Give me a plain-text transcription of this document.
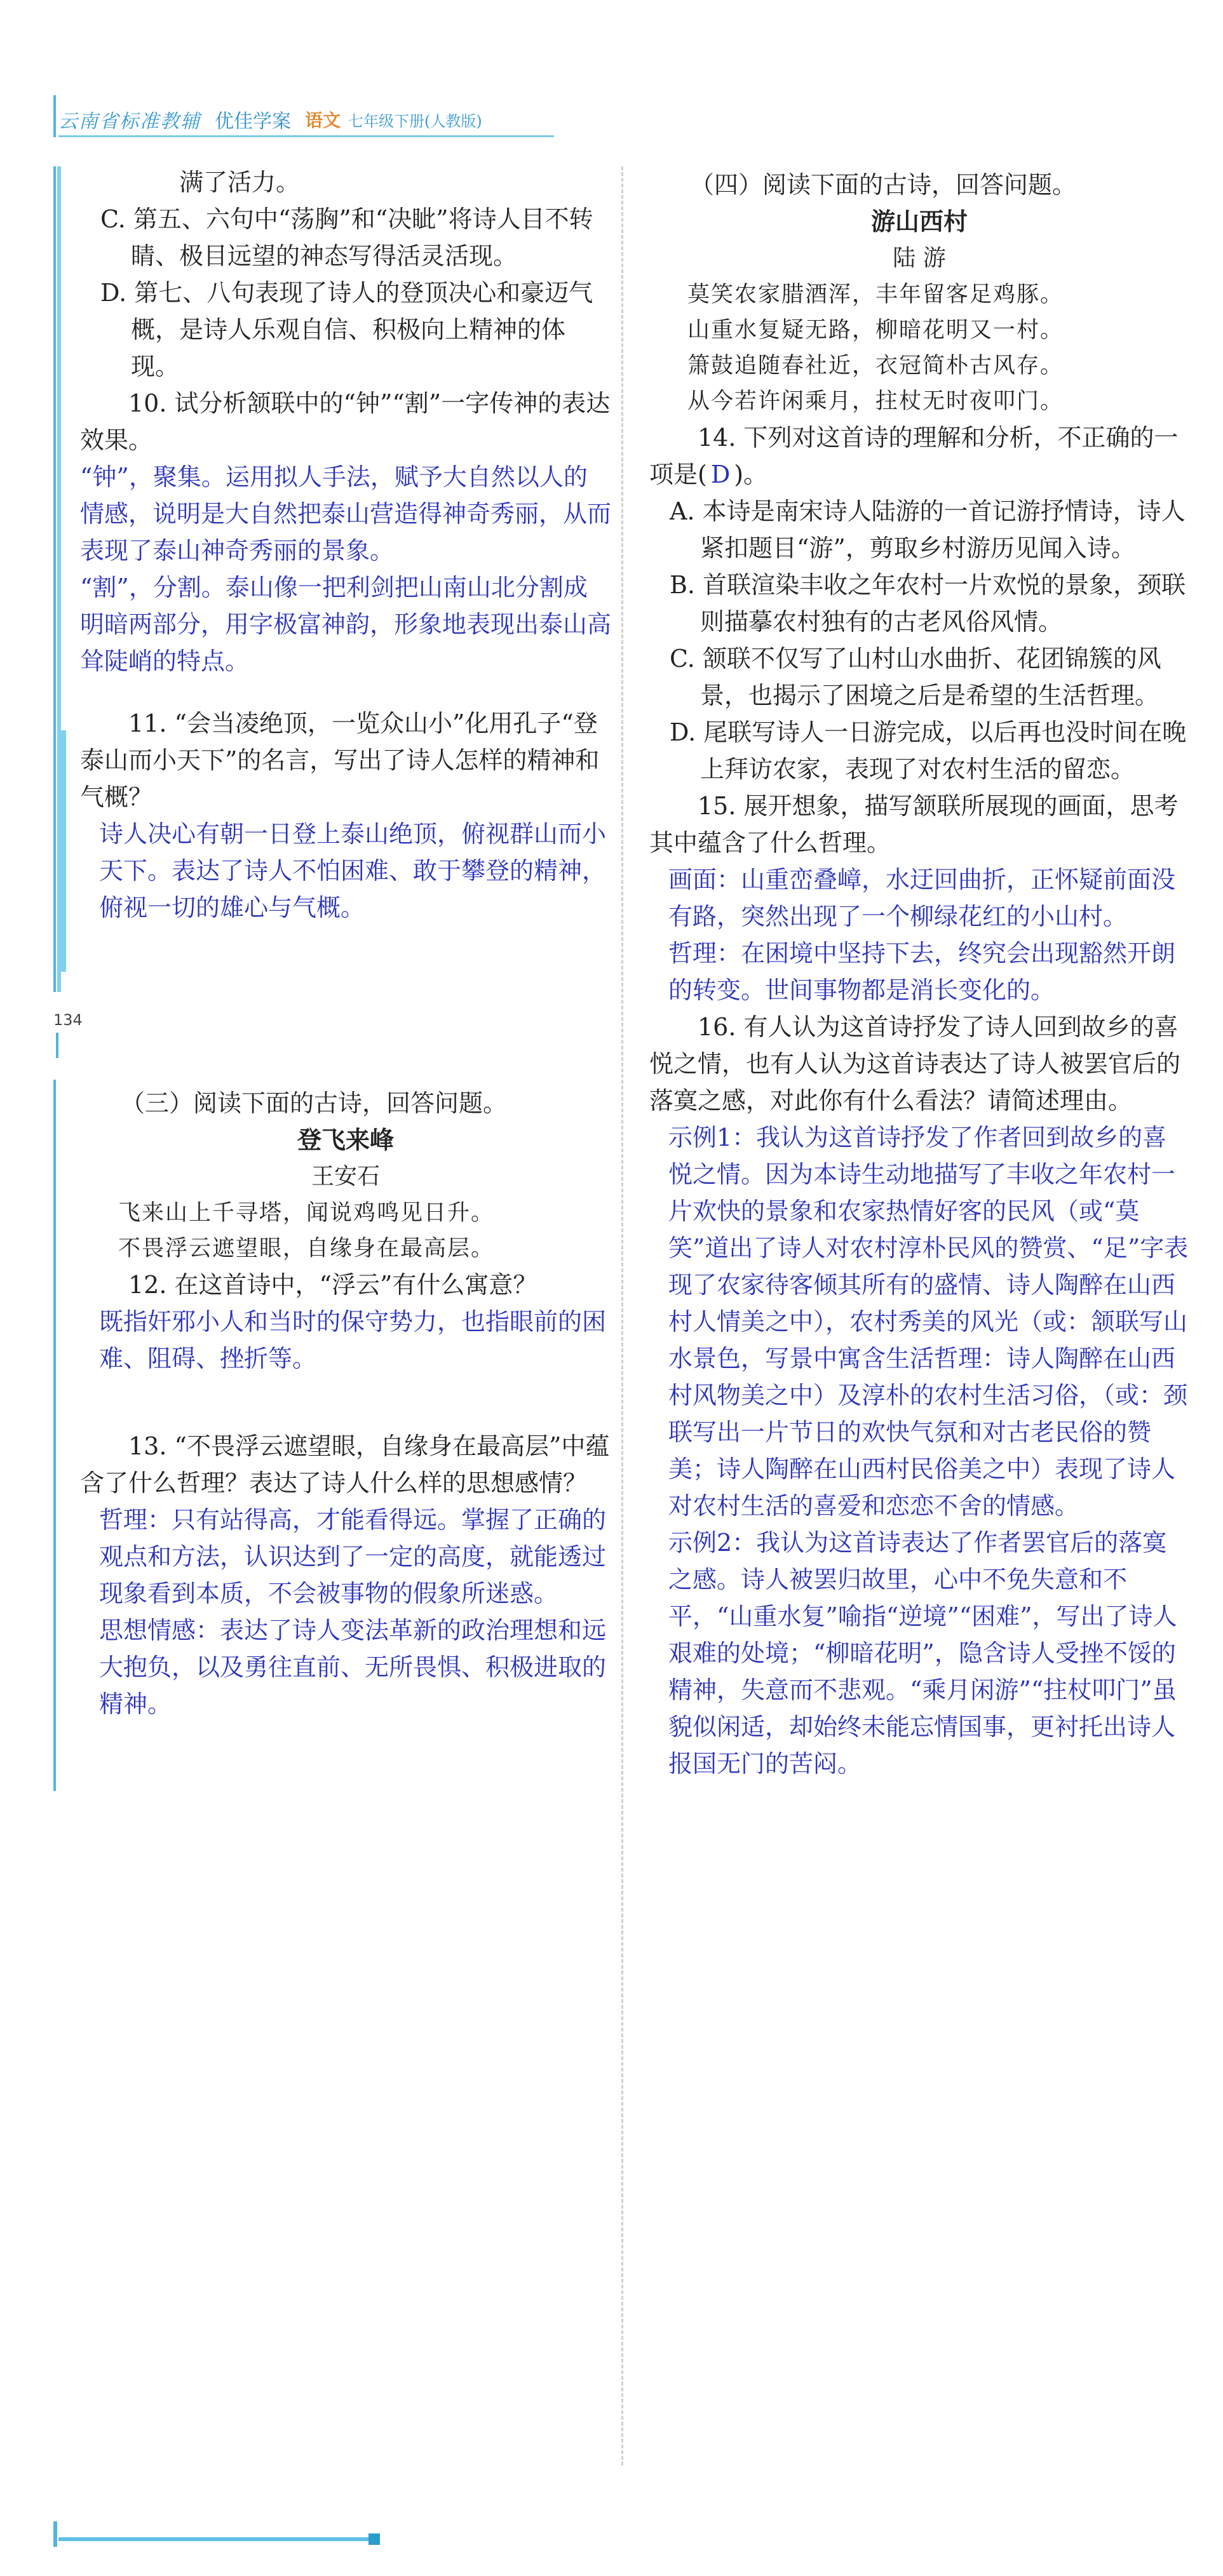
云南省标准教辅 优佳学案 语文 七年级下册(人教版)
134

满了活力。

C. 第五、六句中“荡胸”和“决眦”将诗人目不转睛、极目远望的神态写得活灵活现。

D. 第七、八句表现了诗人的登顶决心和豪迈气概，是诗人乐观自信、积极向上精神的体现。

10. 试分析颔联中的“钟”“割”一字传神的表达效果。

“钟”，聚集。运用拟人手法，赋予大自然以人的情感，说明是大自然把泰山营造得神奇秀丽，从而表现了泰山神奇秀丽的景象。

“割”，分割。泰山像一把利剑把山南山北分割成明暗两部分，用字极富神韵，形象地表现出泰山高耸陡峭的特点。

11. “会当凌绝顶，一览众山小”化用孔子“登泰山而小天下”的名言，写出了诗人怎样的精神和气概？

诗人决心有朝一日登上泰山绝顶，俯视群山而小天下。表达了诗人不怕困难、敢于攀登的精神，俯视一切的雄心与气概。

（三）阅读下面的古诗，回答问题。

登飞来峰

王安石

飞来山上千寻塔，闻说鸡鸣见日升。

不畏浮云遮望眼，自缘身在最高层。

12. 在这首诗中，“浮云”有什么寓意？

既指奸邪小人和当时的保守势力，也指眼前的困难、阻碍、挫折等。

13. “不畏浮云遮望眼，自缘身在最高层”中蕴含了什么哲理？表达了诗人什么样的思想感情？

哲理：只有站得高，才能看得远。掌握了正确的观点和方法，认识达到了一定的高度，就能透过现象看到本质，不会被事物的假象所迷惑。

思想情感：表达了诗人变法革新的政治理想和远大抱负，以及勇往直前、无所畏惧、积极进取的精神。

（四）阅读下面的古诗，回答问题。

游山西村

陆 游

莫笑农家腊酒浑，丰年留客足鸡豚。

山重水复疑无路，柳暗花明又一村。

箫鼓追随春社近，衣冠简朴古风存。

从今若许闲乘月，拄杖无时夜叩门。

14. 下列对这首诗的理解和分析，不正确的一项是( D )。

A. 本诗是南宋诗人陆游的一首记游抒情诗，诗人紧扣题目“游”，剪取乡村游历见闻入诗。

B. 首联渲染丰收之年农村一片欢悦的景象，颈联则描摹农村独有的古老风俗风情。

C. 颔联不仅写了山村山水曲折、花团锦簇的风景，也揭示了困境之后是希望的生活哲理。

D. 尾联写诗人一日游完成，以后再也没时间在晚上拜访农家，表现了对农村生活的留恋。

15. 展开想象，描写颔联所展现的画面，思考其中蕴含了什么哲理。

画面：山重峦叠嶂，水迂回曲折，正怀疑前面没有路，突然出现了一个柳绿花红的小山村。

哲理：在困境中坚持下去，终究会出现豁然开朗的转变。世间事物都是消长变化的。

16. 有人认为这首诗抒发了诗人回到故乡的喜悦之情，也有人认为这首诗表达了诗人被罢官后的落寞之感，对此你有什么看法？请简述理由。

示例1：我认为这首诗抒发了作者回到故乡的喜悦之情。因为本诗生动地描写了丰收之年农村一片欢快的景象和农家热情好客的民风（或“莫笑”道出了诗人对农村淳朴民风的赞赏、“足”字表现了农家待客倾其所有的盛情、诗人陶醉在山西村人情美之中），农村秀美的风光（或：颔联写山水景色，写景中寓含生活哲理：诗人陶醉在山西村风物美之中）及淳朴的农村生活习俗，（或：颈联写出一片节日的欢快气氛和对古老民俗的赞美；诗人陶醉在山西村民俗美之中）表现了诗人对农村生活的喜爱和恋恋不舍的情感。

示例2：我认为这首诗表达了作者罢官后的落寞之感。诗人被罢归故里，心中不免失意和不平，“山重水复”喻指“逆境”“困难”，写出了诗人艰难的处境；“柳暗花明”，隐含诗人受挫不馁的精神，失意而不悲观。“乘月闲游”“拄杖叩门”虽貌似闲适，却始终未能忘情国事，更衬托出诗人报国无门的苦闷。
